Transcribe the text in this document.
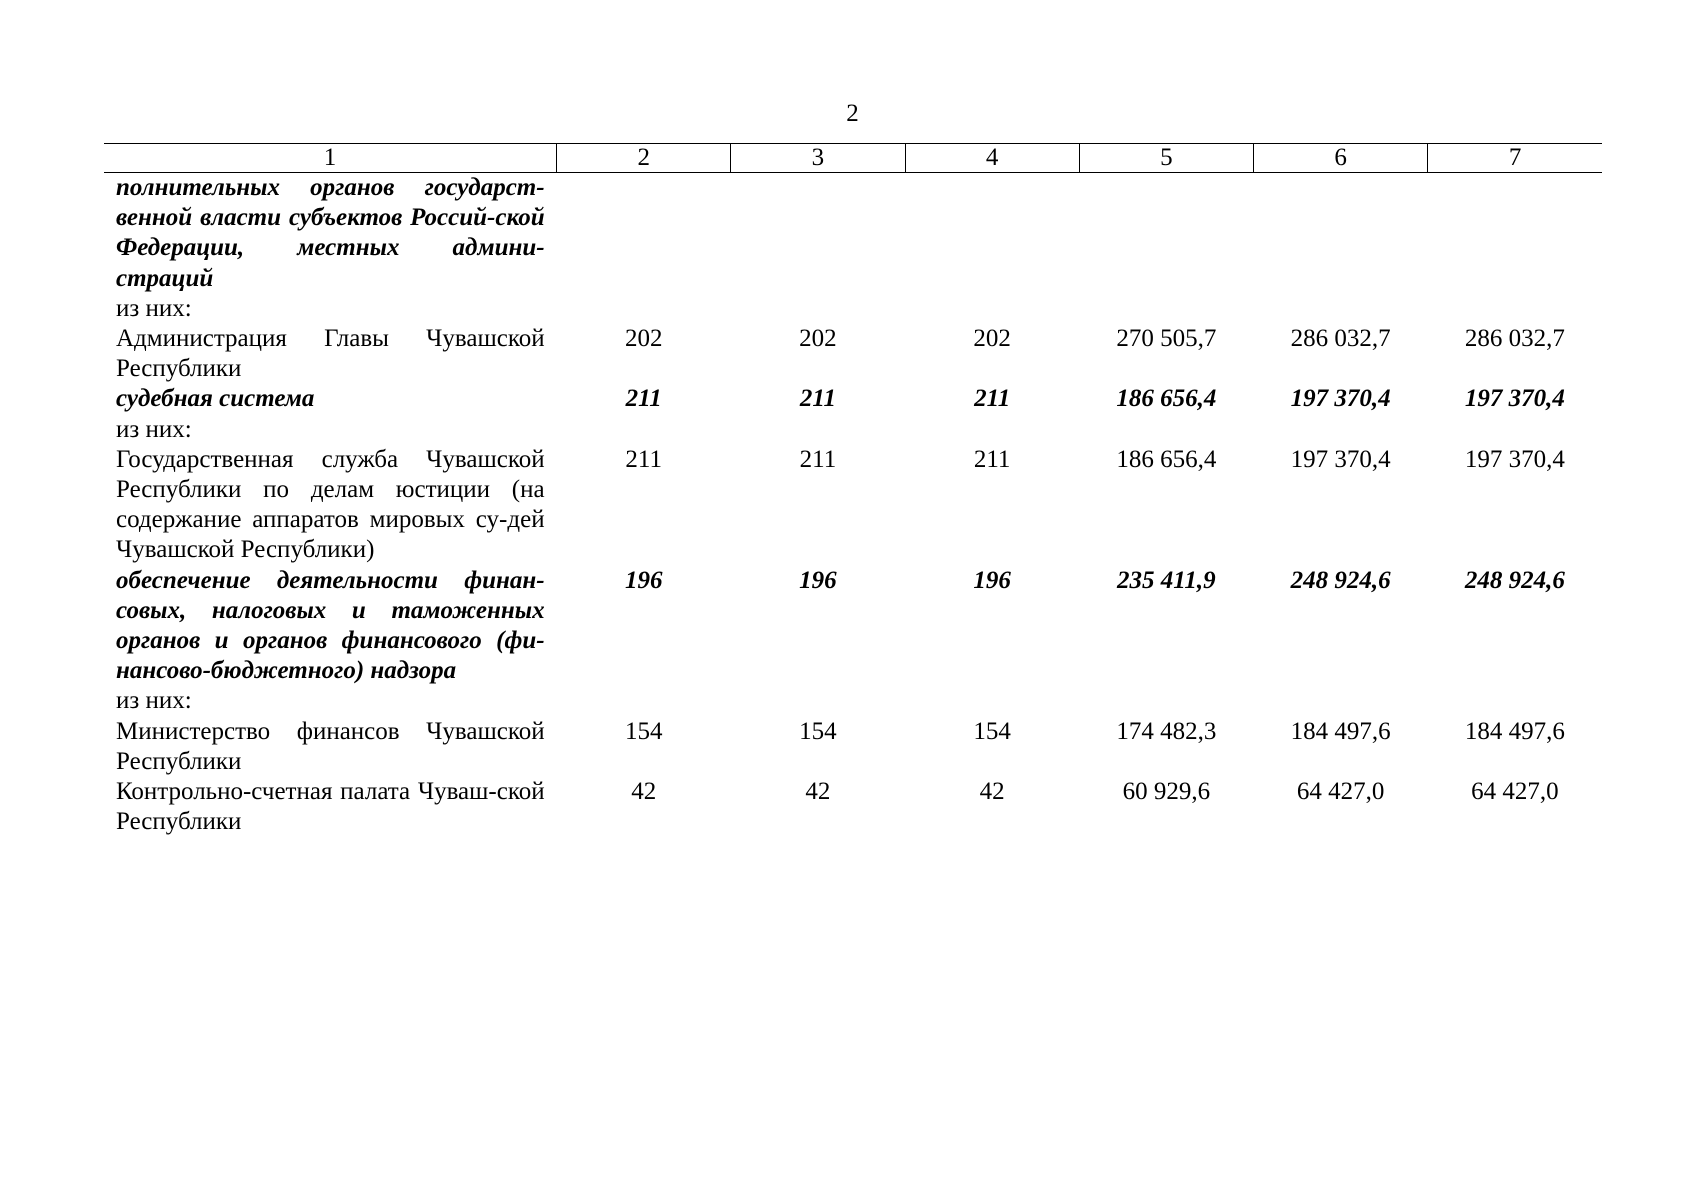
2
1	2	3	4	5	6	7
полнительных органов государст-венной власти субъектов Россий-ской Федерации, местных админи-страций						
из них:						
Администрация Главы Чувашской Республики	202	202	202	270 505,7	286 032,7	286 032,7
судебная система	211	211	211	186 656,4	197 370,4	197 370,4
из них:						
Государственная служба Чувашской Республики по делам юстиции (на содержание аппаратов мировых су-дей Чувашской Республики)	211	211	211	186 656,4	197 370,4	197 370,4
обеспечение деятельности финан-совых, налоговых и таможенных органов и органов финансового (фи-нансово-бюджетного) надзора	196	196	196	235 411,9	248 924,6	248 924,6
из них:						
Министерство финансов Чувашской Республики	154	154	154	174 482,3	184 497,6	184 497,6
Контрольно-счетная палата Чуваш-ской Республики	42	42	42	60 929,6	64 427,0	64 427,0
